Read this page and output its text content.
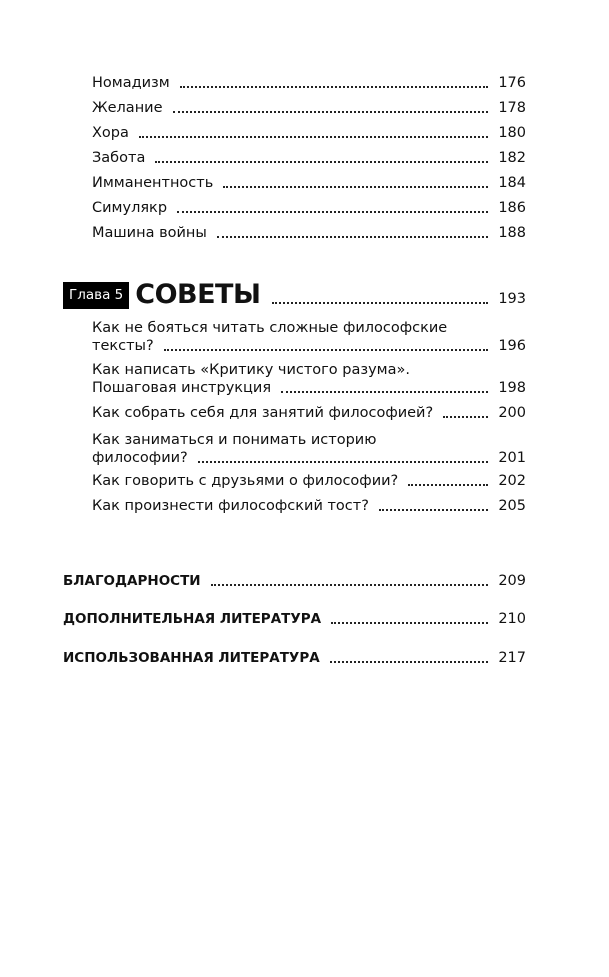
Номадизм	176
Желание	178
Хора	180
Забота	182
Имманентность	184
Симулякр	186
Машина войны	188
Глава 5 СОВЕТЫ	193
Как не бояться читать сложные философские
тексты?	196
Как написать «Критику чистого разума».
Пошаговая инструкция	198
Как собрать себя для занятий философией?	200
Как заниматься и понимать историю
философии?	201
Как говорить с друзьями о философии?	202
Как произнести философский тост?	205
БЛАГОДАРНОСТИ	209
ДОПОЛНИТЕЛЬНАЯ ЛИТЕРАТУРА	210
ИСПОЛЬЗОВАННАЯ ЛИТЕРАТУРА	217
